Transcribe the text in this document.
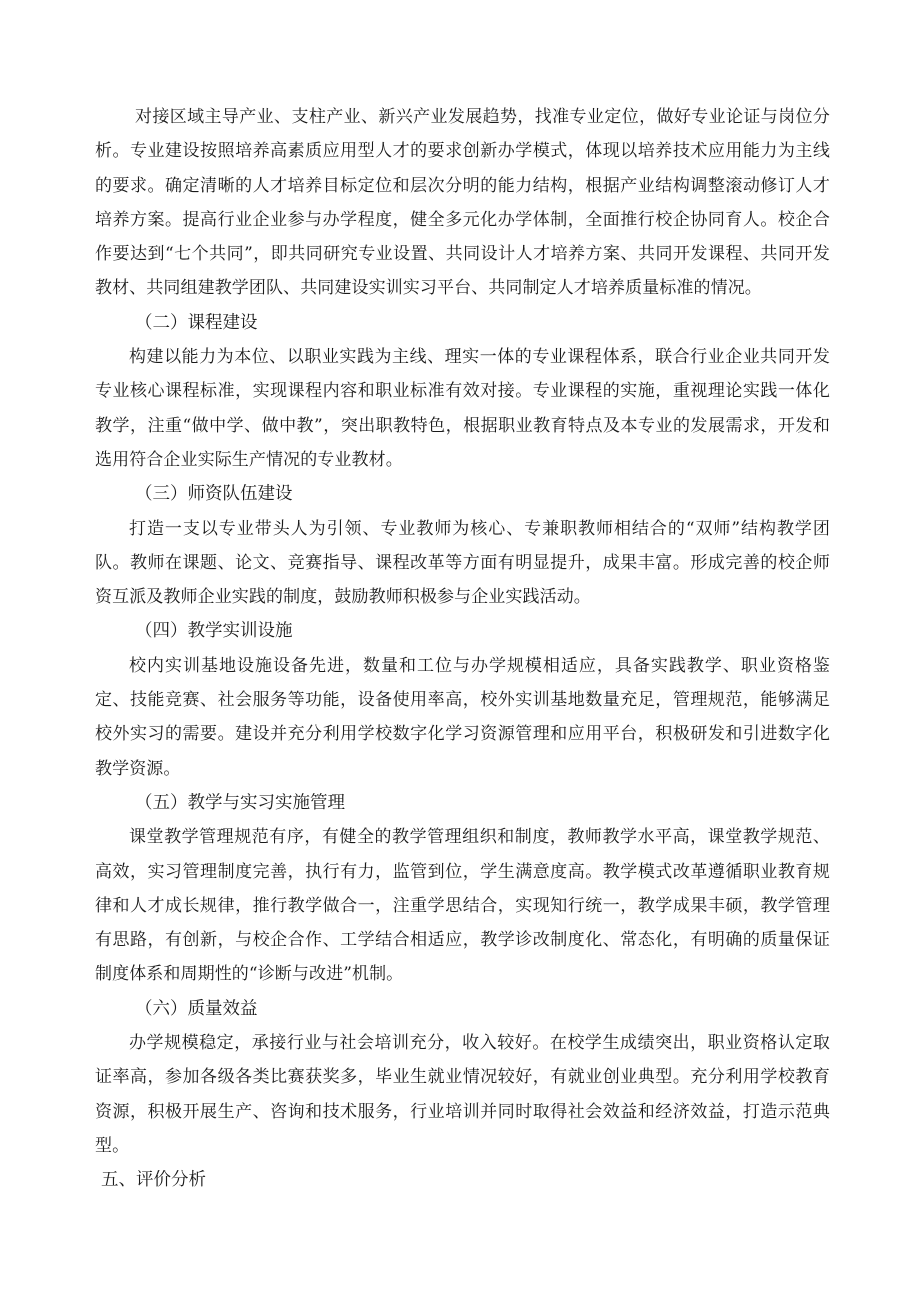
对接区域主导产业、支柱产业、新兴产业发展趋势，找准专业定位，做好专业论证与岗位分析。专业建设按照培养高素质应用型人才的要求创新办学模式，体现以培养技术应用能力为主线的要求。确定清晰的人才培养目标定位和层次分明的能力结构，根据产业结构调整滚动修订人才培养方案。提高行业企业参与办学程度，健全多元化办学体制，全面推行校企协同育人。校企合作要达到“七个共同”，即共同研究专业设置、共同设计人才培养方案、共同开发课程、共同开发教材、共同组建教学团队、共同建设实训实习平台、共同制定人才培养质量标准的情况。

（二）课程建设

构建以能力为本位、以职业实践为主线、理实一体的专业课程体系，联合行业企业共同开发专业核心课程标准，实现课程内容和职业标准有效对接。专业课程的实施，重视理论实践一体化教学，注重“做中学、做中教”，突出职教特色，根据职业教育特点及本专业的发展需求，开发和选用符合企业实际生产情况的专业教材。

（三）师资队伍建设

打造一支以专业带头人为引领、专业教师为核心、专兼职教师相结合的“双师”结构教学团队。教师在课题、论文、竞赛指导、课程改革等方面有明显提升，成果丰富。形成完善的校企师资互派及教师企业实践的制度，鼓励教师积极参与企业实践活动。

（四）教学实训设施

校内实训基地设施设备先进，数量和工位与办学规模相适应，具备实践教学、职业资格鉴定、技能竞赛、社会服务等功能，设备使用率高，校外实训基地数量充足，管理规范，能够满足校外实习的需要。建设并充分利用学校数字化学习资源管理和应用平台，积极研发和引进数字化教学资源。

（五）教学与实习实施管理

课堂教学管理规范有序，有健全的教学管理组织和制度，教师教学水平高，课堂教学规范、高效，实习管理制度完善，执行有力，监管到位，学生满意度高。教学模式改革遵循职业教育规律和人才成长规律，推行教学做合一，注重学思结合，实现知行统一，教学成果丰硕，教学管理有思路，有创新，与校企合作、工学结合相适应，教学诊改制度化、常态化，有明确的质量保证制度体系和周期性的“诊断与改进”机制。

（六）质量效益

办学规模稳定，承接行业与社会培训充分，收入较好。在校学生成绩突出，职业资格认定取证率高，参加各级各类比赛获奖多，毕业生就业情况较好，有就业创业典型。充分利用学校教育资源，积极开展生产、咨询和技术服务，行业培训并同时取得社会效益和经济效益，打造示范典型。

五、评价分析
